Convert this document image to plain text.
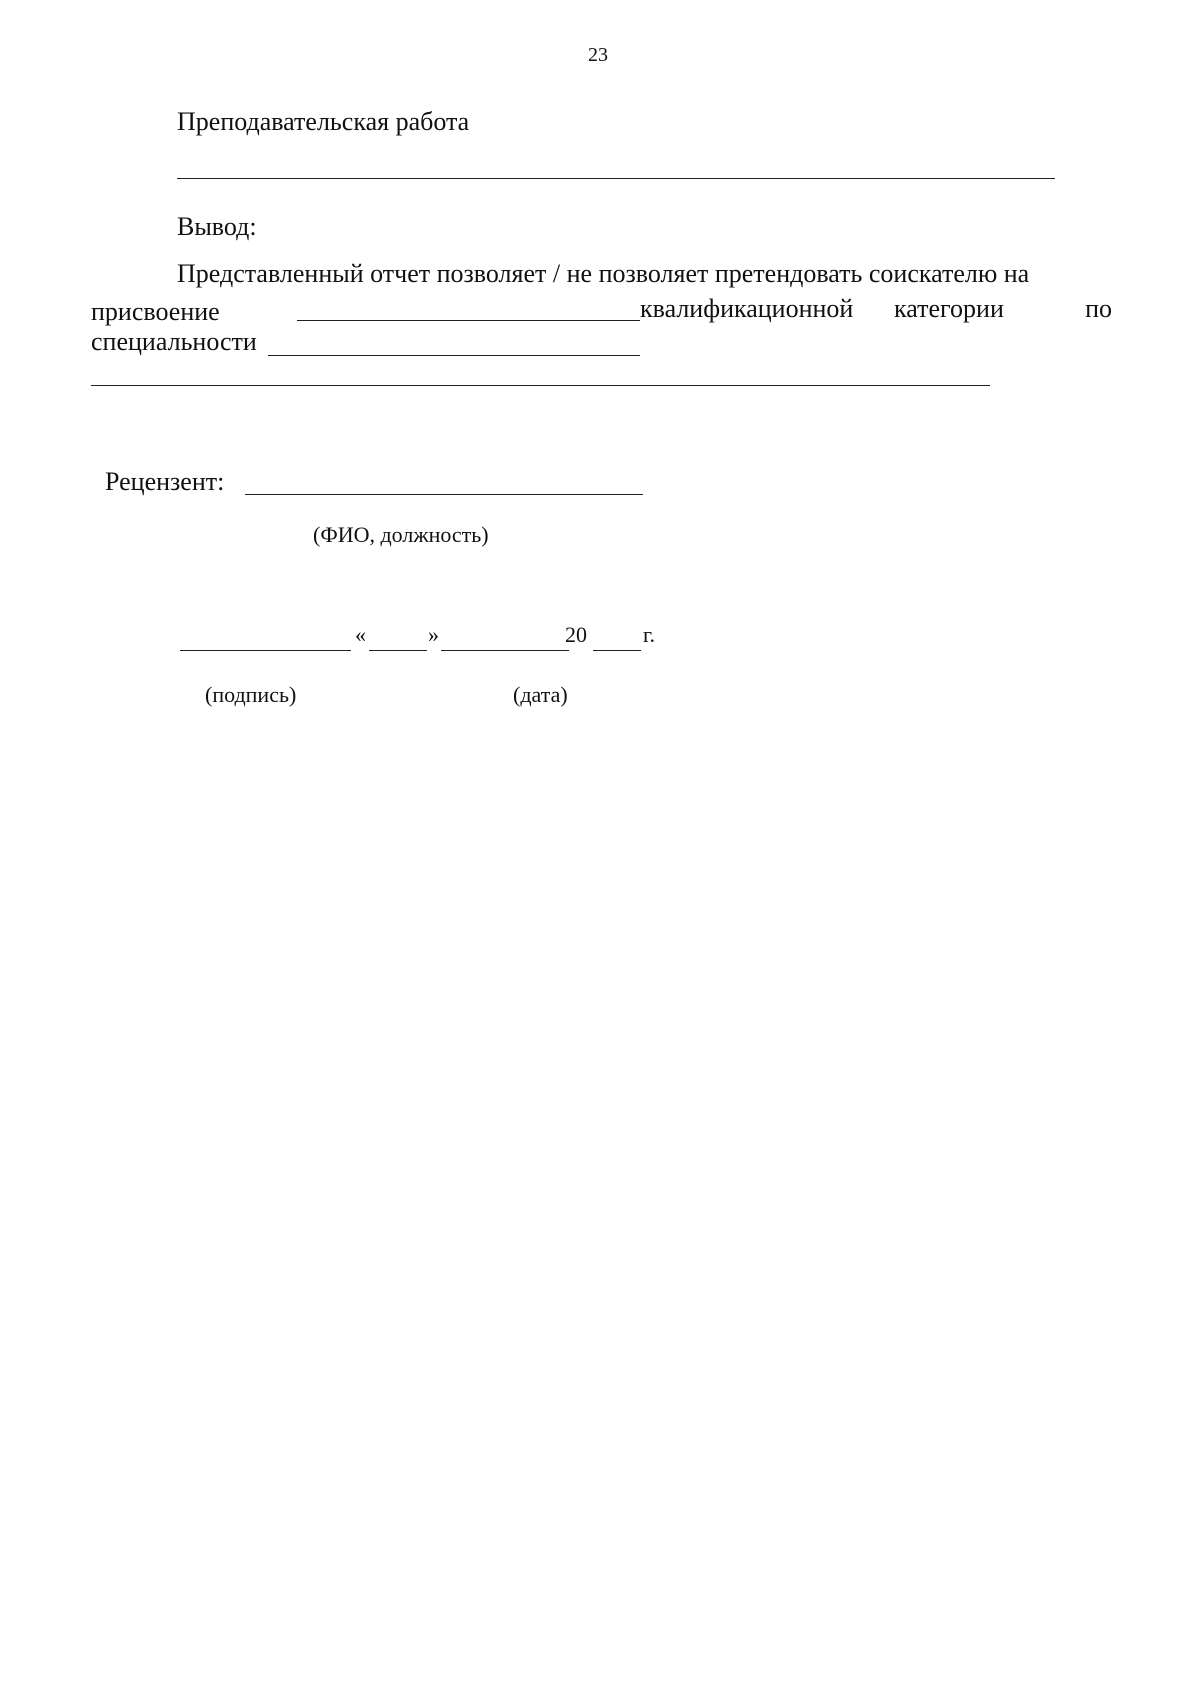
23
Преподавательская работа
Вывод:
Представленный отчет позволяет / не позволяет претендовать соискателю на
присвоение	квалификационной категории	по
специальности
Рецензент:
(ФИО, должность)
«	»	20	г.
(подпись)	(дата)
